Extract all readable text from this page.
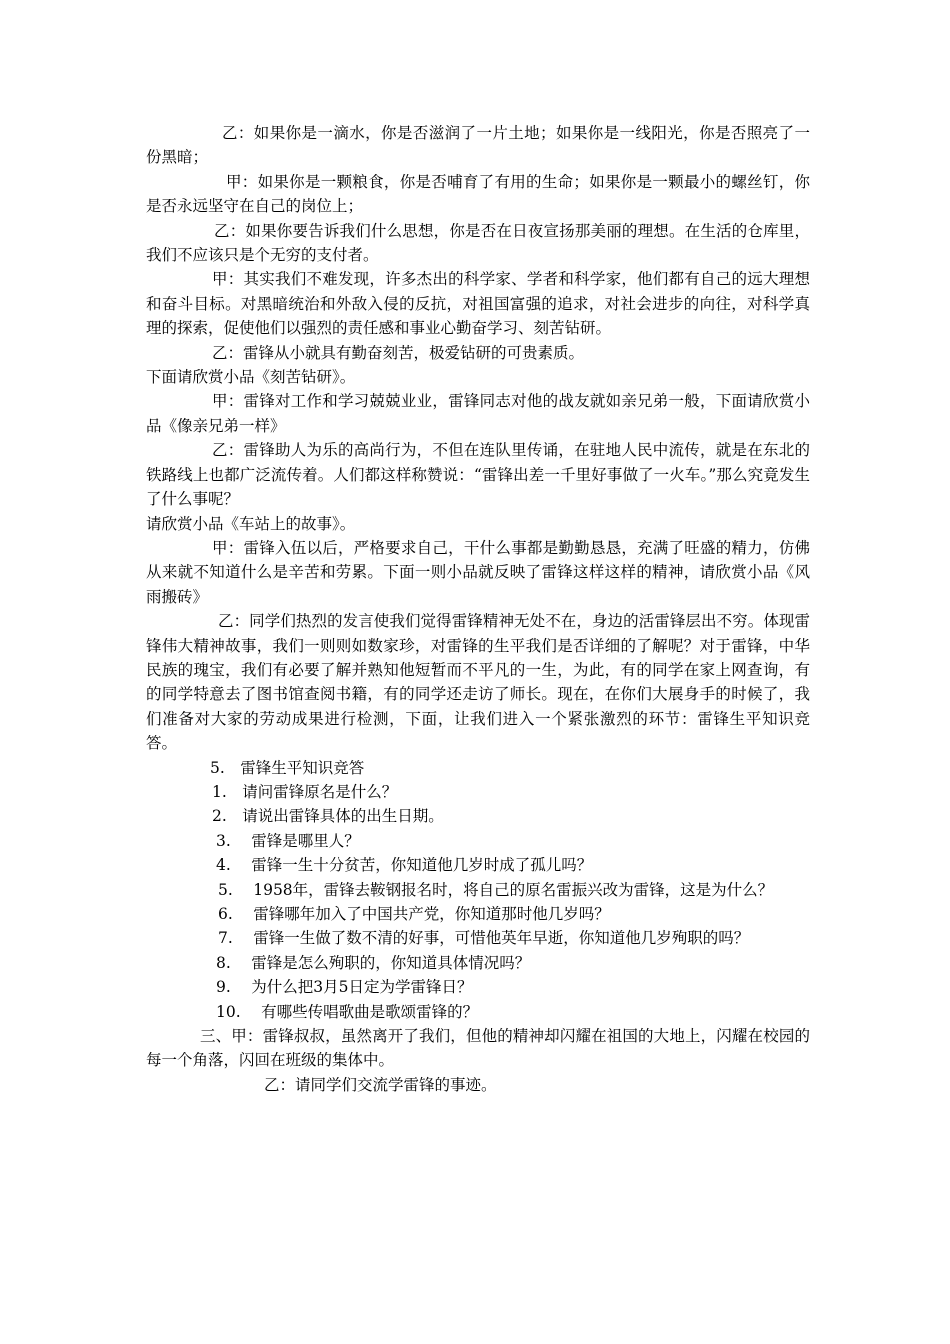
乙：如果你是一滴水，你是否滋润了一片土地；如果你是一线阳光，你是否照亮了一份黑暗；

甲：如果你是一颗粮食，你是否哺育了有用的生命；如果你是一颗最小的螺丝钉，你是否永远坚守在自己的岗位上；

乙：如果你要告诉我们什么思想，你是否在日夜宣扬那美丽的理想。在生活的仓库里，我们不应该只是个无穷的支付者。

甲：其实我们不难发现，许多杰出的科学家、学者和科学家，他们都有自己的远大理想和奋斗目标。对黑暗统治和外敌入侵的反抗，对祖国富强的追求，对社会进步的向往，对科学真理的探索，促使他们以强烈的责任感和事业心勤奋学习、刻苦钻研。

乙：雷锋从小就具有勤奋刻苦，极爱钻研的可贵素质。

下面请欣赏小品《刻苦钻研》。

甲：雷锋对工作和学习兢兢业业，雷锋同志对他的战友就如亲兄弟一般，下面请欣赏小品《像亲兄弟一样》

乙：雷锋助人为乐的高尚行为，不但在连队里传诵，在驻地人民中流传，就是在东北的铁路线上也都广泛流传着。人们都这样称赞说：“雷锋出差一千里好事做了一火车。”那么究竟发生了什么事呢？

请欣赏小品《车站上的故事》。

甲：雷锋入伍以后，严格要求自己，干什么事都是勤勤恳恳，充满了旺盛的精力，仿佛从来就不知道什么是辛苦和劳累。下面一则小品就反映了雷锋这样这样的精神，请欣赏小品《风雨搬砖》

乙：同学们热烈的发言使我们觉得雷锋精神无处不在，身边的活雷锋层出不穷。体现雷锋伟大精神故事，我们一则则如数家珍，对雷锋的生平我们是否详细的了解呢？对于雷锋，中华民族的瑰宝，我们有必要了解并熟知他短暂而不平凡的一生，为此，有的同学在家上网查询，有的同学特意去了图书馆查阅书籍，有的同学还走访了师长。现在，在你们大展身手的时候了，我们准备对大家的劳动成果进行检测，下面，让我们进入一个紧张激烈的环节：雷锋生平知识竞答。

5.　雷锋生平知识竞答

1.　请问雷锋原名是什么？

2.　请说出雷锋具体的出生日期。

3.　 雷锋是哪里人？

4.　 雷锋一生十分贫苦，你知道他几岁时成了孤儿吗？

5.　 1958年，雷锋去鞍钢报名时，将自己的原名雷振兴改为雷锋，这是为什么？

6.　 雷锋哪年加入了中国共产党，你知道那时他几岁吗？

7.　 雷锋一生做了数不清的好事，可惜他英年早逝，你知道他几岁殉职的吗？

8.　 雷锋是怎么殉职的，你知道具体情况吗？

9.　 为什么把3月5日定为学雷锋日？

10.　 有哪些传唱歌曲是歌颂雷锋的？

三、甲：雷锋叔叔，虽然离开了我们，但他的精神却闪耀在祖国的大地上，闪耀在校园的每一个角落，闪回在班级的集体中。

乙：请同学们交流学雷锋的事迹。
